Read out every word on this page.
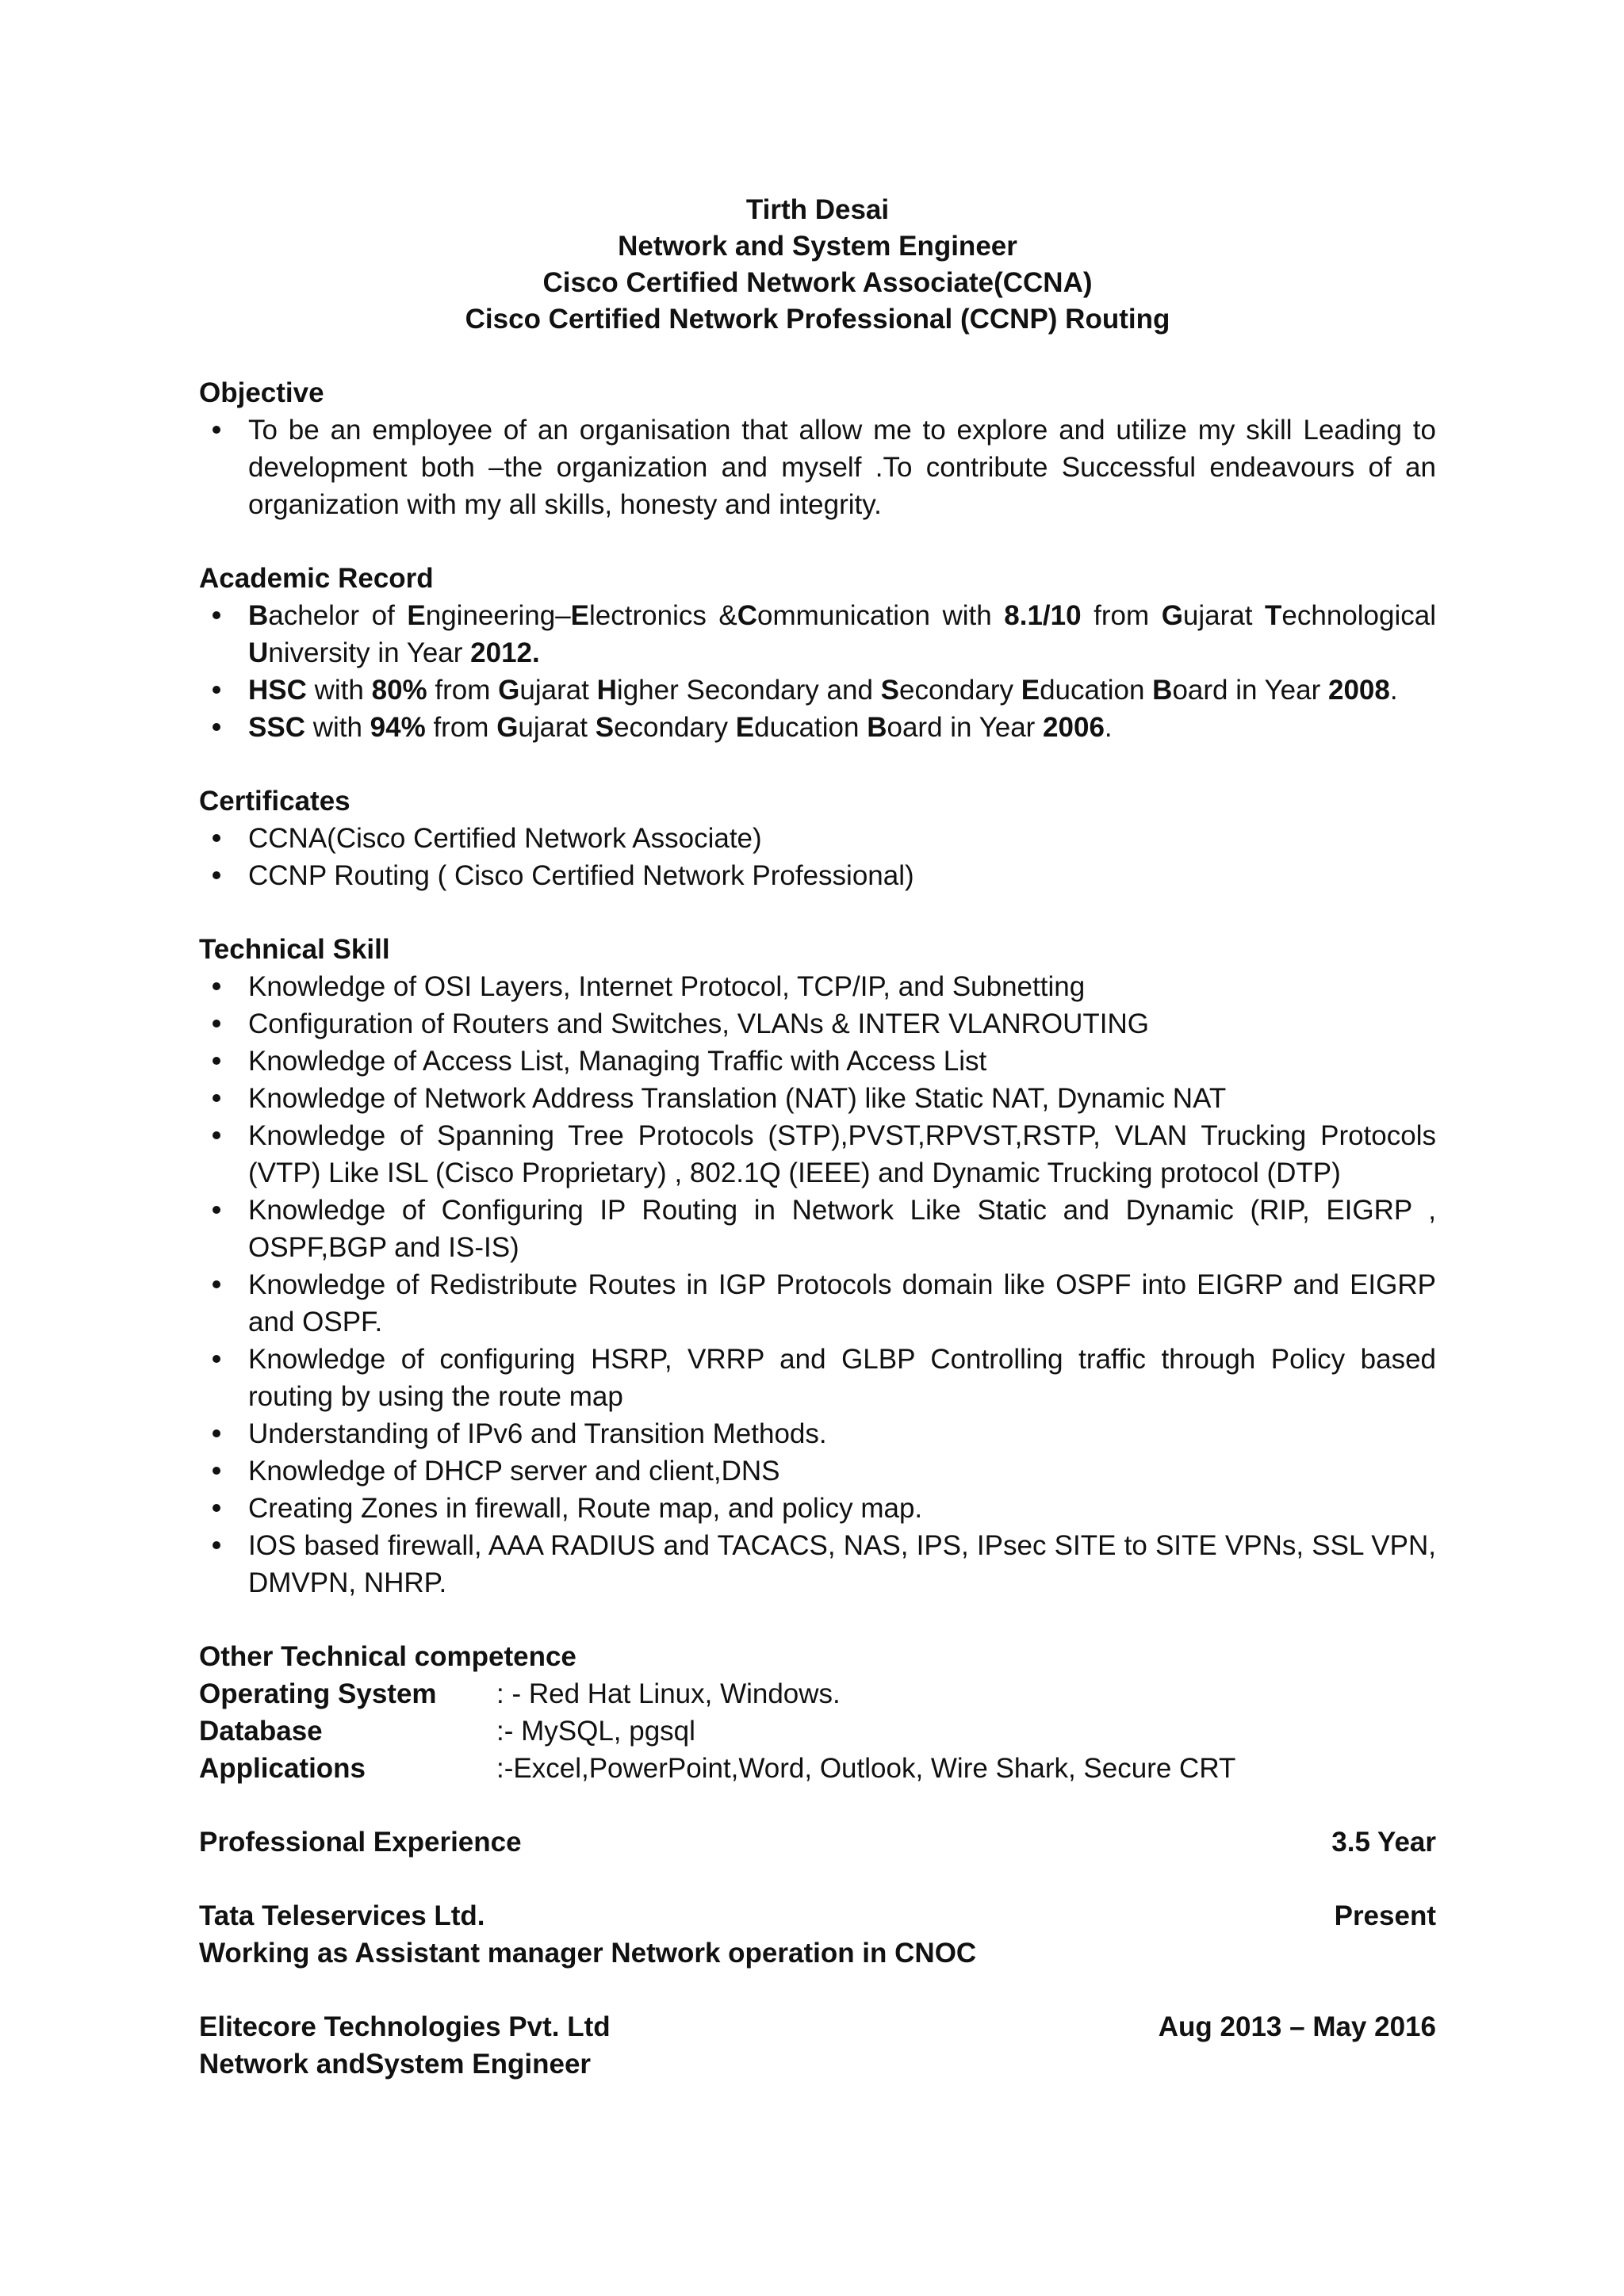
Tirth Desai
Network and System Engineer
Cisco Certified Network Associate(CCNA)
Cisco Certified Network Professional (CCNP) Routing
Objective
To be an employee of an organisation that allow me to explore and utilize my skill Leading to development both –the organization and myself .To contribute Successful endeavours of an organization with my all skills, honesty and integrity.
Academic Record
Bachelor of Engineering–Electronics &Communication with 8.1/10 from Gujarat Technological University in Year 2012.
HSC with 80% from Gujarat Higher Secondary and Secondary Education Board in Year 2008.
SSC with 94% from Gujarat Secondary Education Board in Year 2006.
Certificates
CCNA(Cisco Certified Network Associate)
CCNP Routing ( Cisco Certified Network Professional)
Technical Skill
Knowledge of OSI Layers, Internet Protocol, TCP/IP, and Subnetting
Configuration of Routers and Switches, VLANs & INTER VLANROUTING
Knowledge of Access List, Managing Traffic with Access List
Knowledge of Network Address Translation (NAT) like Static NAT, Dynamic NAT
Knowledge of Spanning Tree Protocols (STP),PVST,RPVST,RSTP, VLAN Trucking Protocols (VTP) Like ISL (Cisco Proprietary) , 802.1Q (IEEE) and Dynamic Trucking protocol (DTP)
Knowledge of Configuring IP Routing in Network Like Static and Dynamic (RIP, EIGRP , OSPF,BGP and IS-IS)
Knowledge of Redistribute Routes in IGP Protocols domain like OSPF into EIGRP and EIGRP and OSPF.
Knowledge of configuring HSRP, VRRP and GLBP Controlling traffic through Policy based routing by using the route map
Understanding of IPv6 and Transition Methods.
Knowledge of DHCP server and client,DNS
Creating Zones in firewall, Route map, and policy map.
IOS based firewall, AAA RADIUS and TACACS, NAS, IPS, IPsec SITE to SITE VPNs, SSL VPN, DMVPN, NHRP.
Other Technical competence
Operating System	: - Red Hat Linux, Windows.
Database	:- MySQL, pgsql
Applications	:-Excel,PowerPoint,Word, Outlook, Wire Shark, Secure CRT
Professional Experience	3.5 Year
Tata Teleservices Ltd.	Present
Working as Assistant manager Network operation in CNOC
Elitecore Technologies Pvt. Ltd	Aug 2013 – May 2016
Network andSystem Engineer
